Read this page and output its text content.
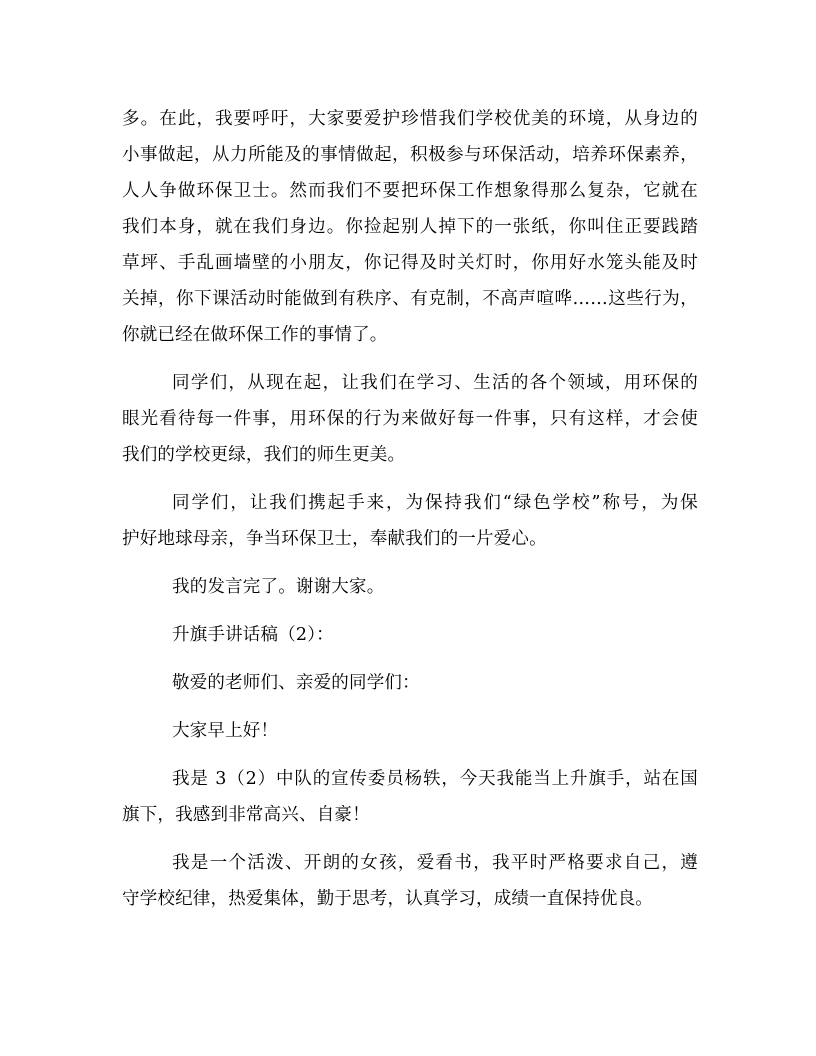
多。在此，我要呼吁，大家要爱护珍惜我们学校优美的环境，从身边的
小事做起，从力所能及的事情做起，积极参与环保活动，培养环保素养，
人人争做环保卫士。然而我们不要把环保工作想象得那么复杂，它就在
我们本身，就在我们身边。你捡起别人掉下的一张纸，你叫住正要践踏
草坪、手乱画墙壁的小朋友，你记得及时关灯时，你用好水笼头能及时
关掉，你下课活动时能做到有秩序、有克制，不高声喧哗……这些行为，
你就已经在做环保工作的事情了。

同学们，从现在起，让我们在学习、生活的各个领域，用环保的
眼光看待每一件事，用环保的行为来做好每一件事，只有这样，才会使
我们的学校更绿，我们的师生更美。

同学们，让我们携起手来，为保持我们“绿色学校”称号，为保
护好地球母亲，争当环保卫士，奉献我们的一片爱心。

我的发言完了。谢谢大家。

升旗手讲话稿（2）：

敬爱的老师们、亲爱的同学们：

大家早上好！

我是 3（2）中队的宣传委员杨轶，今天我能当上升旗手，站在国
旗下，我感到非常高兴、自豪！

我是一个活泼、开朗的女孩，爱看书，我平时严格要求自己，遵
守学校纪律，热爱集体，勤于思考，认真学习，成绩一直保持优良。
